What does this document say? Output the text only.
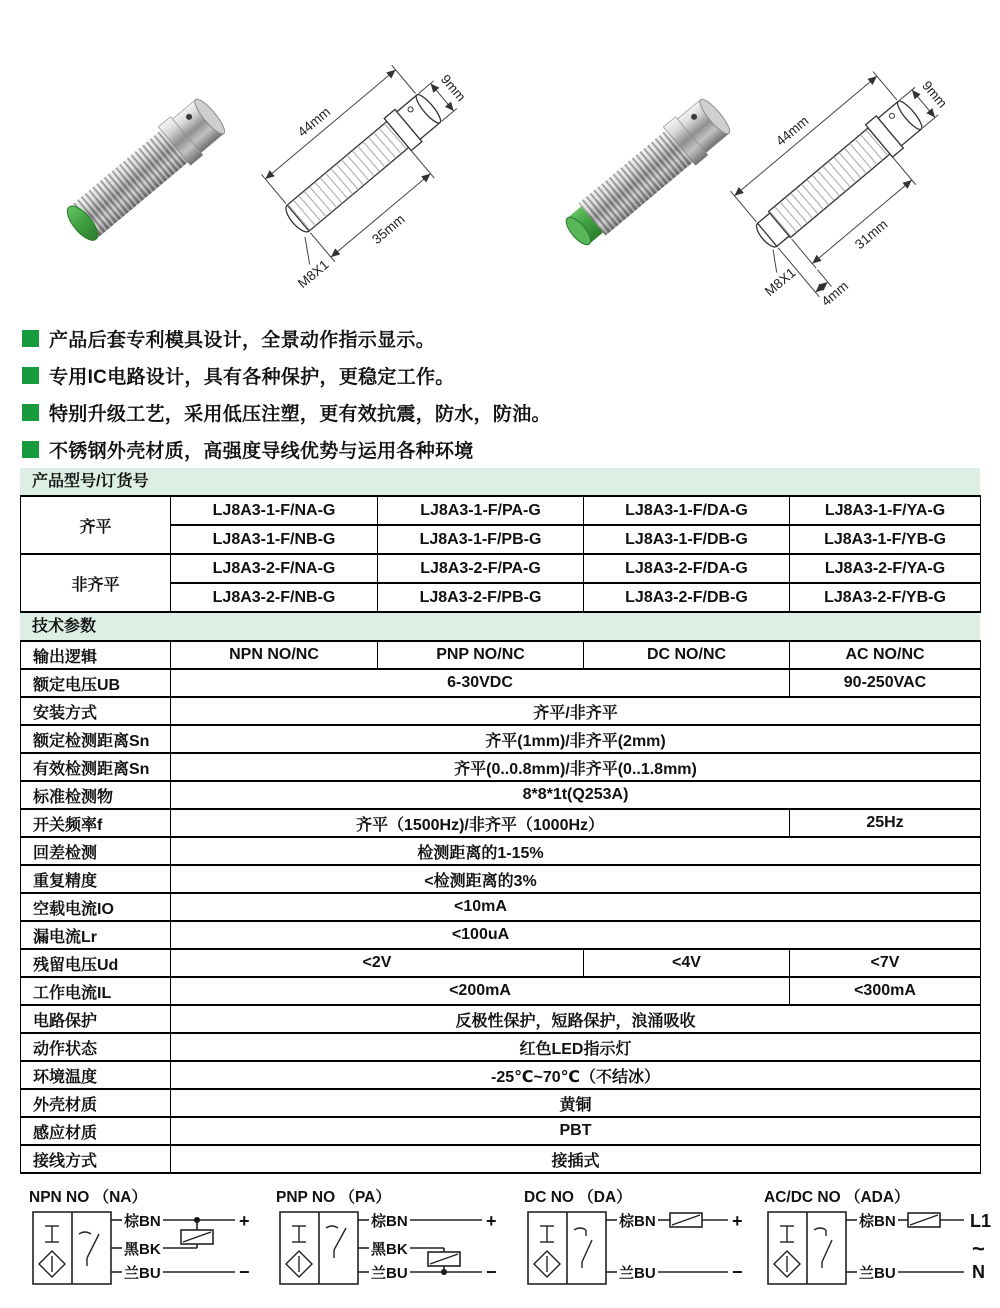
44mm
35mm
9mm
M8X1
44mm
31mm
4mm
9mm
M8X1
产品后套专利模具设计，全景动作指示显示。
专用IC电路设计，具有各种保护，更稳定工作。
特别升级工艺，采用低压注塑，更有效抗震，防水，防油。
不锈钢外壳材质，高强度导线优势与运用各种环境
产品型号/订货号
齐平	LJ8A3-1-F/NA-G	LJ8A3-1-F/PA-G	LJ8A3-1-F/DA-G	LJ8A3-1-F/YA-G
	LJ8A3-1-F/NB-G	LJ8A3-1-F/PB-G	LJ8A3-1-F/DB-G	LJ8A3-1-F/YB-G
非齐平	LJ8A3-2-F/NA-G	LJ8A3-2-F/PA-G	LJ8A3-2-F/DA-G	LJ8A3-2-F/YA-G
	LJ8A3-2-F/NB-G	LJ8A3-2-F/PB-G	LJ8A3-2-F/DB-G	LJ8A3-2-F/YB-G
技术参数
输出逻辑	NPN NO/NC	PNP NO/NC	DC NO/NC	AC NO/NC
额定电压UB	6-30VDC			90-250VAC
安装方式	齐平/非齐平			
额定检测距离Sn	齐平(1mm)/非齐平(2mm)			
有效检测距离Sn	齐平(0..0.8mm)/非齐平(0..1.8mm)			
标准检测物	8*8*1t(Q253A)			
开关频率f	齐平（1500Hz)/非齐平（1000Hz）			25Hz
回差检测	检测距离的1-15%			
重复精度	<检测距离的3%			
空载电流IO	<10mA			
漏电流Lr	<100uA			
残留电压Ud	<2V		<4V	<7V
工作电流IL	<200mA			<300mA
电路保护	反极性保护，短路保护，浪涌吸收			
动作状态	红色LED指示灯			
环境温度	-25℃~70℃（不结冰）			
外壳材质	黄铜			
感应材质	PBT			
接线方式	接插式			
NPN NO （NA）
棕BN
黑BK
兰BU
+
−
PNP NO （PA）
棕BN
黑BK
兰BU
+
−
DC NO （DA）
棕BN
兰BU
+
−
AC/DC NO （ADA）
棕BN
兰BU
L1
~
N
